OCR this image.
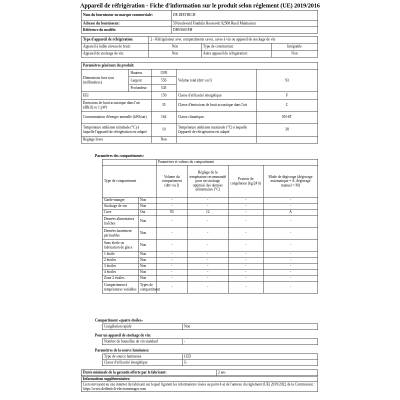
Appareil de réfrigération - Fiche d'information sur le produit selon règlement (UE) 2019/2016
Nom du fournisseur ou marque commerciale:	DE DIETRICH
Adresse du fournisseur:	50 boulevard Franklin Roosevelt 92508 Rueil Malmaison
Référence du modèle:	DRN1601FH
Type d'appareil de réfrigération:	2 - Réfrigérateur avec compartiments caves, caves à vin ou appareil de stockage de vin		
Appareil à faible niveau de bruit:	Non	Type de construction:	Intégrable
Appareil de stockage de vin:	Non	Autre appareil de réfrigération:	Non
Paramètres généraux du produit:				
Dimensions hors tout (millimètres)	Hauteur	1595	Volume total (dm³ ou l)	93
	Largeur	556		
	Profondeur	545		
EEI		150	Classe d'efficacité énergétique	F
Émissions de bruit acoustique dans l'air (dB(A) re 1 pW)		35	Classe d'émissions de bruit acoustique dans l'air	C
Consommation d'énergie annuelle (kWh/an)		162	Classe climatique:	SN-ST
Température ambiante minimale (°C) à laquelle l'appareil de réfrigération est adapté		10	Température ambiante maximale (°C) à laquelle l'appareil de réfrigération est adapté	38
Réglage hiver		Non		
Paramètres des compartiments:
		Paramètres et valeurs du compartiment			
Type de compartiment		Volume du compartiment (dm³ ou l)	Réglage de la température recommandé pour un stockage optimisé des denrées alimentaires (°C)	Pouvoir de congélation (kg/24 h)	Mode de dégivrage (dégivrage automatique = A, dégivrage manuel = M)
Garde-manger	Non	-	-	-	-
Stockage de vin	Non	-	-	-	-
Cave	Oui	93	12	-	A
Denrées alimentaires fraîches	Non	-	-	-	-
Denrées hautement périssables	Non	-	-	-	-
Sans étoile ou fabrication de glace	Non	-	-	-	-
1 étoile	Non	-	-	-	-
2 étoiles	Non	-	-	-	-
3 étoiles	Non	-	-	-	-
4 étoiles	Non	-	-	-	-
Zone 2 étoiles	Non	-	-	-	-
Compartiment à températures variables	Types de compartiment	-	-	-	-
Compartiment «quatre étoiles»
Congélation rapide	Non
Pour un appareil de stockage de vin:
Nombre de bouteilles de vin standard	-
Paramètres de la source lumineuse:
Type de source lumineuse	LED
Classe d'efficacité énergétique	G
Durée minimale de la garantie offerte par le fabricant:	2 ans
Informations supplémentaires:
Lien renvoyant au site internet du fabricant sur lequel figurent les informations visées au point 4 a) de l'annexe du règlement (UE) 2019/2022 de la Commission : https://www.dedietrich-electromenager.com
